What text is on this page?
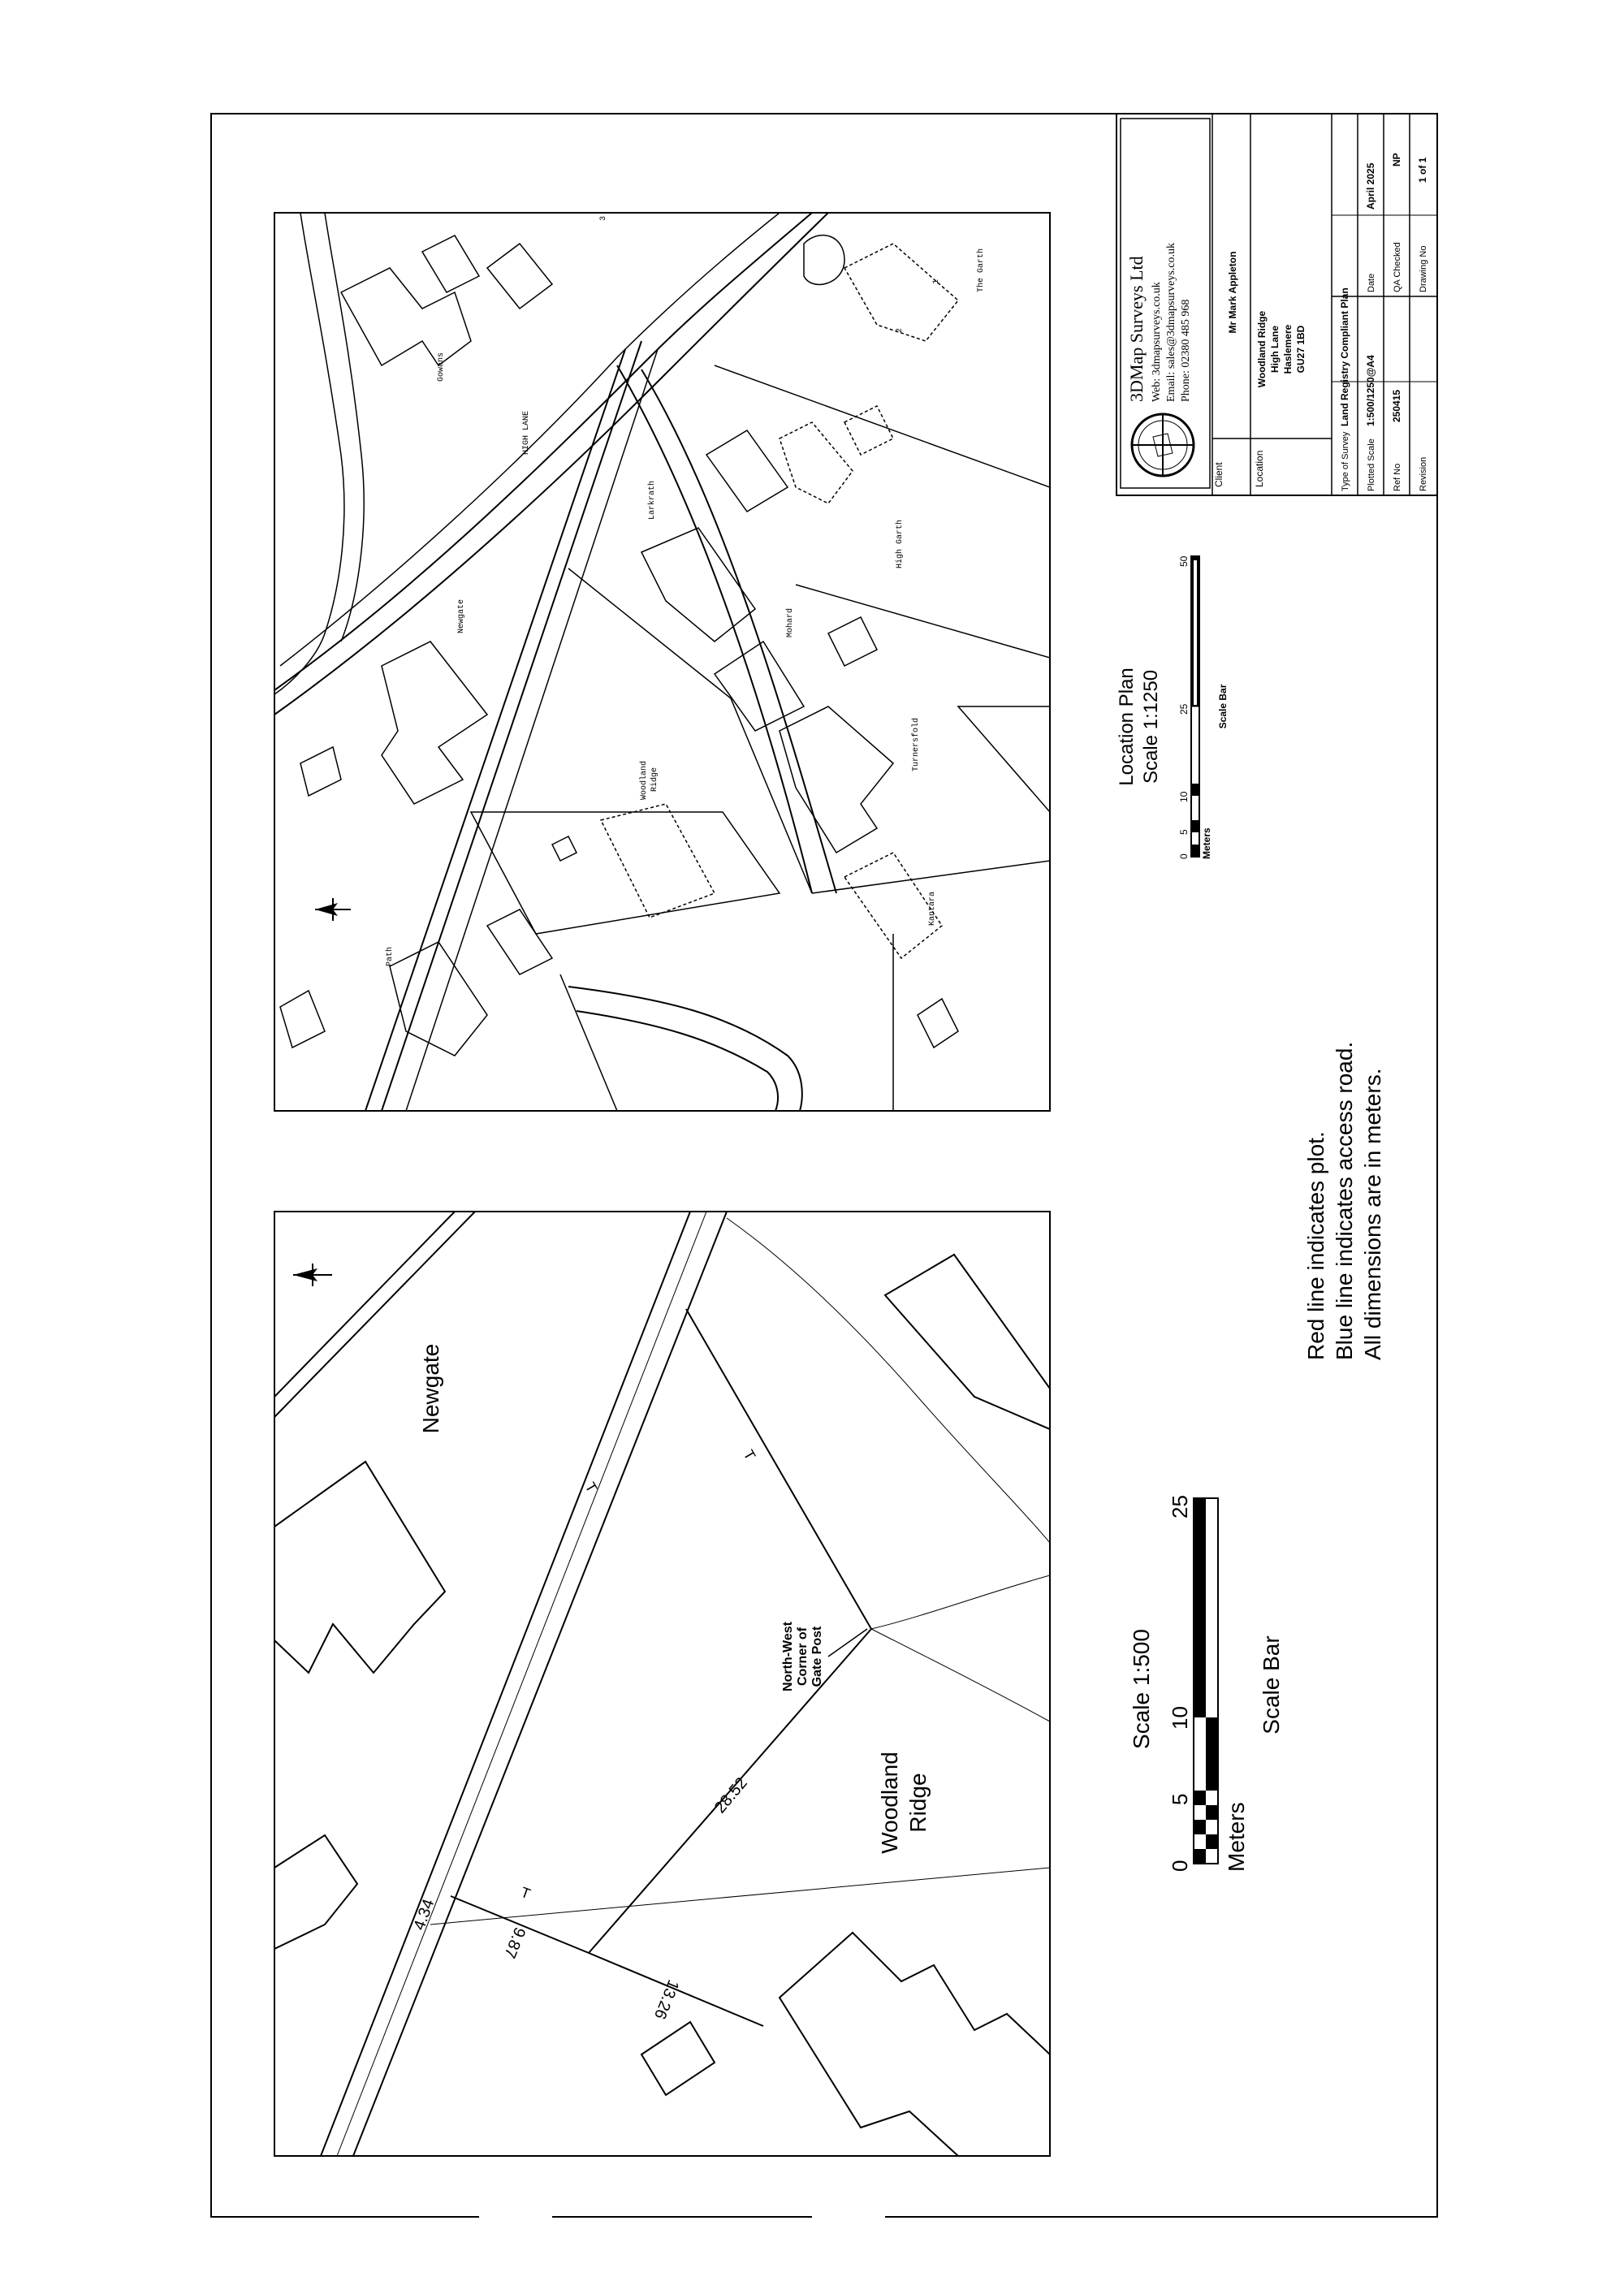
HIGH LANE
Gowans
Newgate
Larkrath
High Garth
The Garth
Woodland Ridge
Mohard
Turnersfold
Kantara
Path
1
2
3
Location Plan Scale 1:1250
0
5
10
25
50
Meters
Scale Bar
T
T
T
North-West Corner of Gate Post
4.34
9.87
13.26
28.52
Newgate
Woodland Ridge
Scale 1:500	Scale Bar
0
5
10
25
Meters
Red line indicates plot. Blue line indicates access road. All dimensions are in meters.
3DMap Surveys Ltd Web: 3dmapsurveys.co.uk Email: sales@3dmapsurveys.co.uk Phone: 02380 485 968
Client
Mr Mark Appleton
Location
Woodland Ridge High Lane Haslemere GU27 1BD
Type of Survey
Land Registry Compliant Plan
Plotted Scale
1:500/1250@A4
Date
April 2025
Ref No
250415
QA Checked
NP
Revision
Drawing No
1 of 1
